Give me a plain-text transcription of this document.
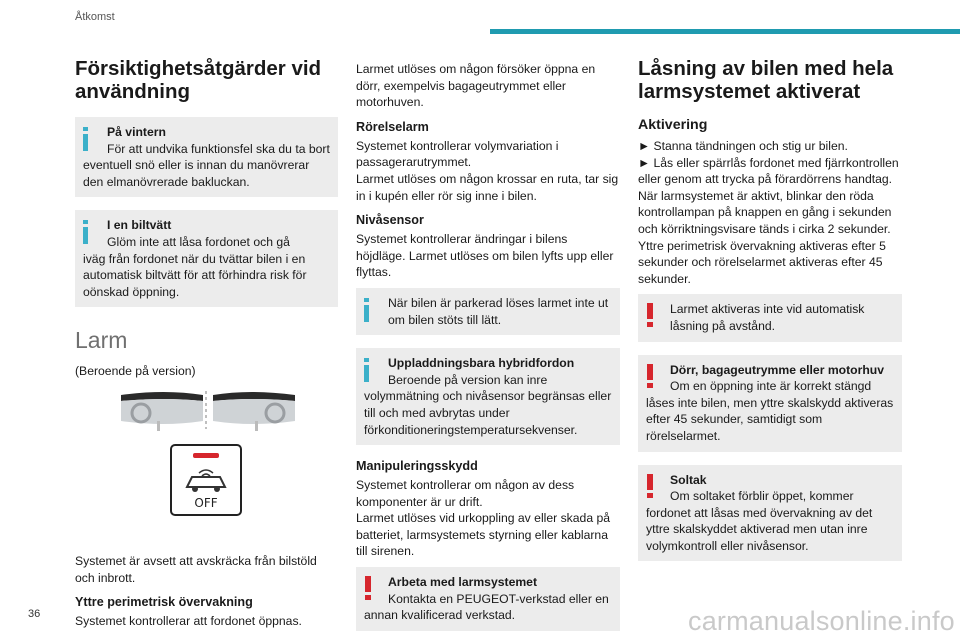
Åtkomst
Försiktighetsåtgärder vid användning
På vintern
För att undvika funktionsfel ska du ta bort
eventuell snö eller is innan du manövrerar den elmanövrerade bakluckan.
I en biltvätt
Glöm inte att låsa fordonet och gå
iväg från fordonet när du tvättar bilen i en automatisk biltvätt för att förhindra risk för oönskad öppning.
Larm

(Beroende på version)

OFF

Systemet är avsett att avskräcka från bilstöld och inbrott.

Yttre perimetrisk övervakning

Systemet kontrollerar att fordonet öppnas.

Larmet utlöses om någon försöker öppna en dörr, exempelvis bagageutrymmet eller motorhuven.

Rörelselarm
Systemet kontrollerar volymvariation i passagerarutrymmet.

Larmet utlöses om någon krossar en ruta, tar sig in i kupén eller rör sig inne i bilen.

Nivåsensor

Systemet kontrollerar ändringar i bilens höjdläge. Larmet utlöses om bilen lyfts upp eller flyttas.

När bilen är parkerad löses larmet inte ut om bilen stöts till lätt.
Uppladdningsbara hybridfordon
Beroende på version kan inre
volymmätning och nivåsensor begränsas eller till och med avbrytas under förkonditioneringstemperatursekvenser.
Manipuleringsskydd
Systemet kontrollerar om någon av dess komponenter är ur drift.

Larmet utlöses vid urkoppling av eller skada på batteriet, larmsystemets styrning eller kablarna till sirenen.

Arbeta med larmsystemet
Kontakta en PEUGEOT-verkstad eller en
annan kvalificerad verkstad.
Låsning av bilen med hela larmsystemet aktiverat
Aktivering
► Stanna tändningen och stig ur bilen.
► Lås eller spärrlås fordonet med fjärrkontrollen eller genom att trycka på förardörrens handtag.
När larmsystemet är aktivt, blinkar den röda kontrollampan på knappen en gång i sekunden och körriktningsvisare tänds i cirka 2 sekunder.

Yttre perimetrisk övervakning aktiveras efter 5 sekunder och rörelselarmet aktiveras efter 45 sekunder.

Larmet aktiveras inte vid automatisk låsning på avstånd.
Dörr, bagageutrymme eller motorhuv
Om en öppning inte är korrekt stängd
låses inte bilen, men yttre skalskydd aktiveras efter 45 sekunder, samtidigt som rörelselarmet.
Soltak
Om soltaket förblir öppet, kommer
fordonet att låsas med övervakning av det yttre skalskyddet aktiverad men utan inre volymkontroll eller nivåsensor.
36	carmanualsonline.info
